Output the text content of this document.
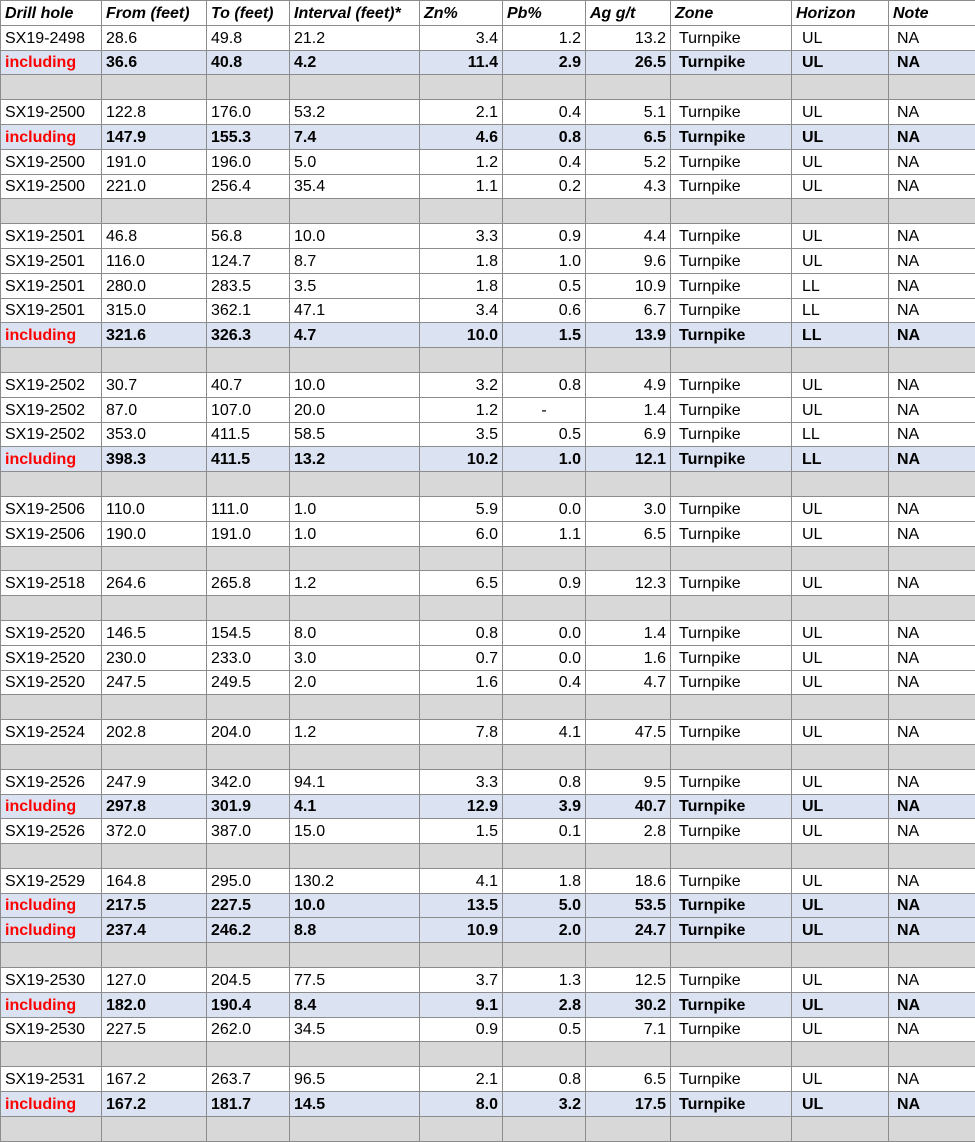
Drill hole	From (feet)	To (feet)	Interval (feet)*	Zn%	Pb%	Ag g/t	Zone	Horizon	Note
SX19-2498	28.6	49.8	21.2	3.4	1.2	13.2	Turnpike	UL	NA
including	36.6	40.8	4.2	11.4	2.9	26.5	Turnpike	UL	NA

SX19-2500	122.8	176.0	53.2	2.1	0.4	5.1	Turnpike	UL	NA
including	147.9	155.3	7.4	4.6	0.8	6.5	Turnpike	UL	NA
SX19-2500	191.0	196.0	5.0	1.2	0.4	5.2	Turnpike	UL	NA
SX19-2500	221.0	256.4	35.4	1.1	0.2	4.3	Turnpike	UL	NA

SX19-2501	46.8	56.8	10.0	3.3	0.9	4.4	Turnpike	UL	NA
SX19-2501	116.0	124.7	8.7	1.8	1.0	9.6	Turnpike	UL	NA
SX19-2501	280.0	283.5	3.5	1.8	0.5	10.9	Turnpike	LL	NA
SX19-2501	315.0	362.1	47.1	3.4	0.6	6.7	Turnpike	LL	NA
including	321.6	326.3	4.7	10.0	1.5	13.9	Turnpike	LL	NA

SX19-2502	30.7	40.7	10.0	3.2	0.8	4.9	Turnpike	UL	NA
SX19-2502	87.0	107.0	20.0	1.2	-	1.4	Turnpike	UL	NA
SX19-2502	353.0	411.5	58.5	3.5	0.5	6.9	Turnpike	LL	NA
including	398.3	411.5	13.2	10.2	1.0	12.1	Turnpike	LL	NA

SX19-2506	110.0	111.0	1.0	5.9	0.0	3.0	Turnpike	UL	NA
SX19-2506	190.0	191.0	1.0	6.0	1.1	6.5	Turnpike	UL	NA

SX19-2518	264.6	265.8	1.2	6.5	0.9	12.3	Turnpike	UL	NA

SX19-2520	146.5	154.5	8.0	0.8	0.0	1.4	Turnpike	UL	NA
SX19-2520	230.0	233.0	3.0	0.7	0.0	1.6	Turnpike	UL	NA
SX19-2520	247.5	249.5	2.0	1.6	0.4	4.7	Turnpike	UL	NA

SX19-2524	202.8	204.0	1.2	7.8	4.1	47.5	Turnpike	UL	NA

SX19-2526	247.9	342.0	94.1	3.3	0.8	9.5	Turnpike	UL	NA
including	297.8	301.9	4.1	12.9	3.9	40.7	Turnpike	UL	NA
SX19-2526	372.0	387.0	15.0	1.5	0.1	2.8	Turnpike	UL	NA

SX19-2529	164.8	295.0	130.2	4.1	1.8	18.6	Turnpike	UL	NA
including	217.5	227.5	10.0	13.5	5.0	53.5	Turnpike	UL	NA
including	237.4	246.2	8.8	10.9	2.0	24.7	Turnpike	UL	NA

SX19-2530	127.0	204.5	77.5	3.7	1.3	12.5	Turnpike	UL	NA
including	182.0	190.4	8.4	9.1	2.8	30.2	Turnpike	UL	NA
SX19-2530	227.5	262.0	34.5	0.9	0.5	7.1	Turnpike	UL	NA

SX19-2531	167.2	263.7	96.5	2.1	0.8	6.5	Turnpike	UL	NA
including	167.2	181.7	14.5	8.0	3.2	17.5	Turnpike	UL	NA
